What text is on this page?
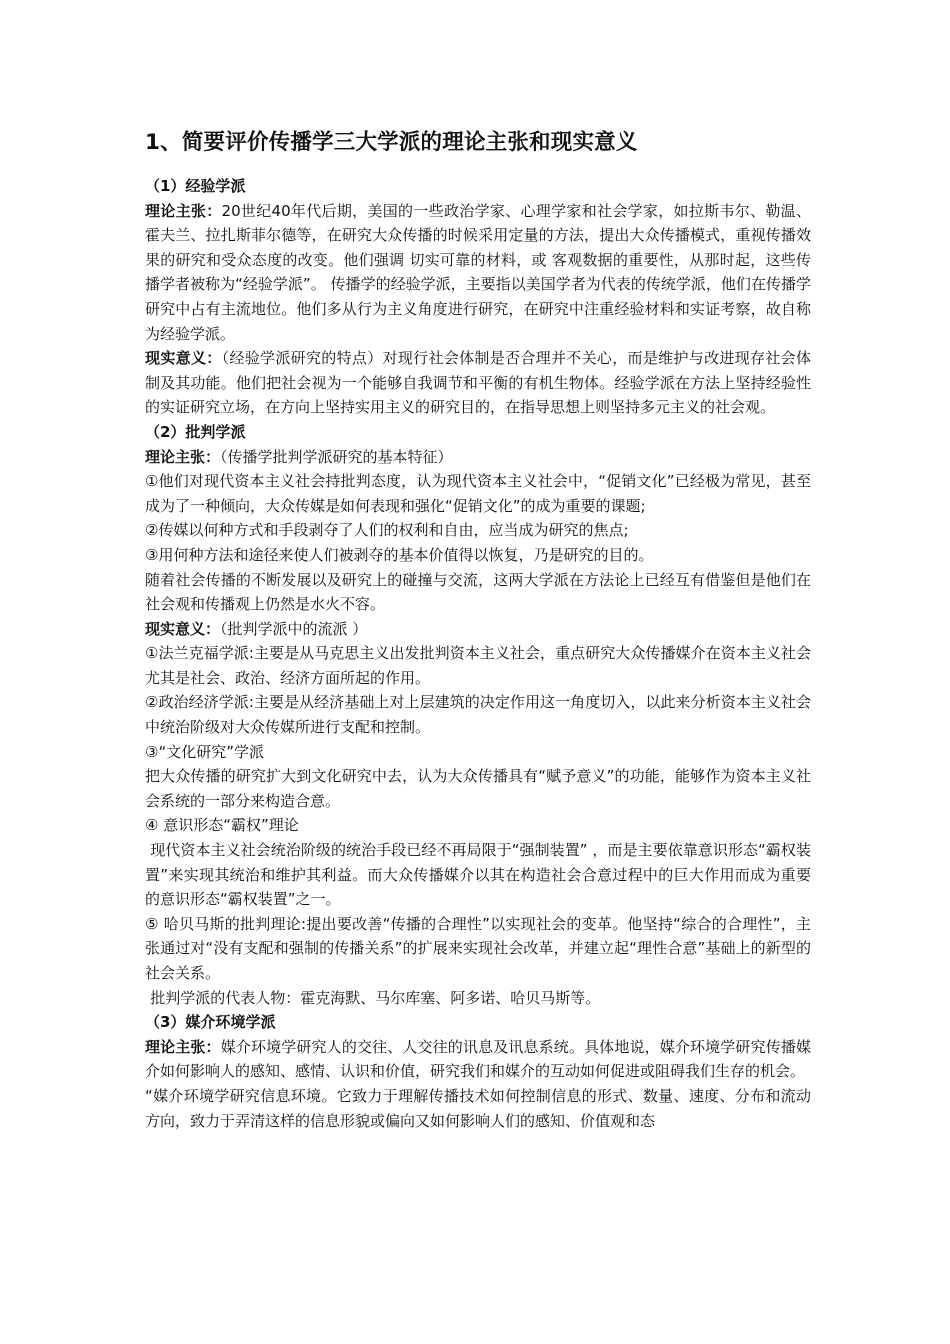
1、简要评价传播学三大学派的理论主张和现实意义

（1）经验学派

理论主张：20世纪40年代后期，美国的一些政治学家、心理学家和社会学家，如拉斯韦尔、勒温、霍夫兰、拉扎斯菲尔德等，在研究大众传播的时候采用定量的方法，提出大众传播模式，重视传播效果的研究和受众态度的改变。他们强调 切实可靠的材料，或 客观数据的重要性，从那时起，这些传播学者被称为“经验学派”。 传播学的经验学派，主要指以美国学者为代表的传统学派，他们在传播学研究中占有主流地位。他们多从行为主义角度进行研究，在研究中注重经验材料和实证考察，故自称为经验学派。

现实意义：（经验学派研究的特点）对现行社会体制是否合理并不关心，而是维护与改进现存社会体制及其功能。他们把社会视为一个能够自我调节和平衡的有机生物体。经验学派在方法上坚持经验性的实证研究立场，在方向上坚持实用主义的研究目的，在指导思想上则坚持多元主义的社会观。

（2）批判学派

理论主张：（传播学批判学派研究的基本特征）

①他们对现代资本主义社会持批判态度，认为现代资本主义社会中，“促销文化”已经极为常见，甚至成为了一种倾向，大众传媒是如何表现和强化“促销文化”的成为重要的课题;

②传媒以何种方式和手段剥夺了人们的权利和自由，应当成为研究的焦点;

③用何种方法和途径来使人们被剥夺的基本价值得以恢复，乃是研究的目的。

随着社会传播的不断发展以及研究上的碰撞与交流，这两大学派在方法论上已经互有借鉴但是他们在社会观和传播观上仍然是水火不容。

现实意义：（批判学派中的流派 ）

①法兰克福学派:主要是从马克思主义出发批判资本主义社会，重点研究大众传播媒介在资本主义社会尤其是社会、政治、经济方面所起的作用。

②政治经济学派:主要是从经济基础上对上层建筑的决定作用这一角度切入，以此来分析资本主义社会中统治阶级对大众传媒所进行支配和控制。

③“文化研究”学派

把大众传播的研究扩大到文化研究中去，认为大众传播具有“赋予意义”的功能，能够作为资本主义社会系统的一部分来构造合意。

④ 意识形态“霸权”理论

现代资本主义社会统治阶级的统治手段已经不再局限于“强制装置” ，而是主要依靠意识形态“霸权装置”来实现其统治和维护其利益。而大众传播媒介以其在构造社会合意过程中的巨大作用而成为重要的意识形态“霸权装置”之一。

⑤ 哈贝马斯的批判理论:提出要改善“传播的合理性”以实现社会的变革。他坚持“综合的合理性”，主张通过对“没有支配和强制的传播关系”的扩展来实现社会改革，并建立起“理性合意”基础上的新型的社会关系。

批判学派的代表人物：霍克海默、马尔库塞、阿多诺、哈贝马斯等。

（3）媒介环境学派

理论主张：媒介环境学研究人的交往、人交往的讯息及讯息系统。具体地说，媒介环境学研究传播媒介如何影响人的感知、感情、认识和价值，研究我们和媒介的互动如何促进或阻碍我们生存的机会。

“媒介环境学研究信息环境。它致力于理解传播技术如何控制信息的形式、数量、速度、分布和流动方向，致力于弄清这样的信息形貌或偏向又如何影响人们的感知、价值观和态
